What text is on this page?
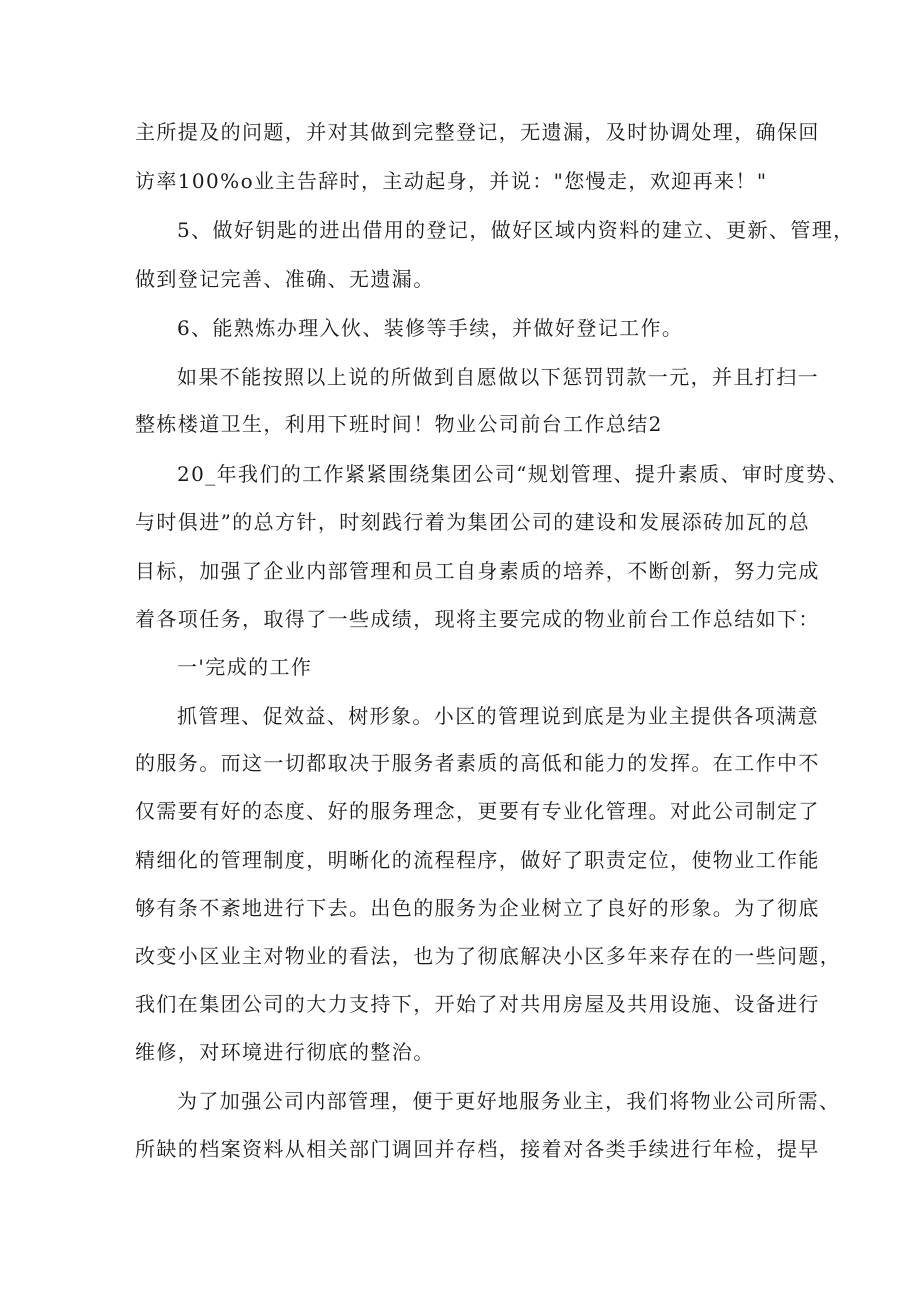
主所提及的问题，并对其做到完整登记，无遗漏，及时协调处理，确保回
访率100%o业主告辞时，主动起身，并说："您慢走，欢迎再来！"
5、做好钥匙的进出借用的登记，做好区域内资料的建立、更新、管理，
做到登记完善、准确、无遗漏。
6、能熟炼办理入伙、装修等手续，并做好登记工作。
如果不能按照以上说的所做到自愿做以下惩罚罚款一元，并且打扫一
整栋楼道卫生，利用下班时间！物业公司前台工作总结2
20_年我们的工作紧紧围绕集团公司“规划管理、提升素质、审时度势、
与时俱进”的总方针，时刻践行着为集团公司的建设和发展添砖加瓦的总
目标，加强了企业内部管理和员工自身素质的培养，不断创新，努力完成
着各项任务，取得了一些成绩，现将主要完成的物业前台工作总结如下：
一'完成的工作
抓管理、促效益、树形象。小区的管理说到底是为业主提供各项满意
的服务。而这一切都取决于服务者素质的高低和能力的发挥。在工作中不
仅需要有好的态度、好的服务理念，更要有专业化管理。对此公司制定了
精细化的管理制度，明晰化的流程程序，做好了职责定位，使物业工作能
够有条不紊地进行下去。出色的服务为企业树立了良好的形象。为了彻底
改变小区业主对物业的看法，也为了彻底解决小区多年来存在的一些问题，
我们在集团公司的大力支持下，开始了对共用房屋及共用设施、设备进行
维修，对环境进行彻底的整治。
为了加强公司内部管理，便于更好地服务业主，我们将物业公司所需、
所缺的档案资料从相关部门调回并存档，接着对各类手续进行年检，提早
